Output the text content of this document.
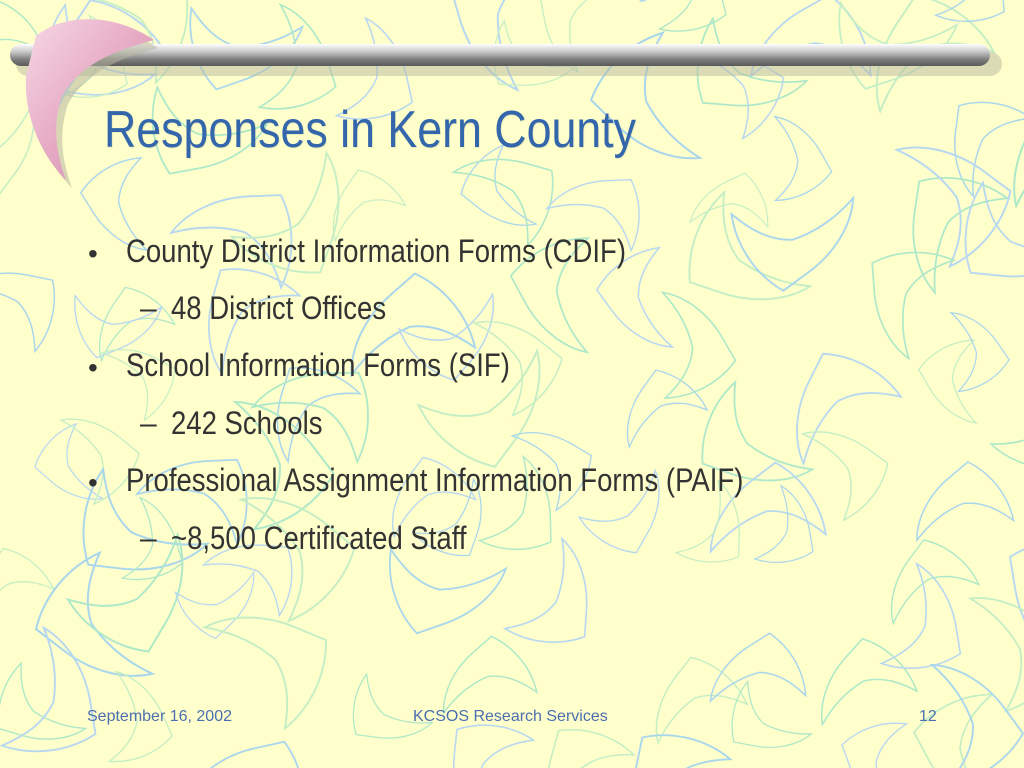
Responses in Kern County
• County District Information Forms (CDIF)
– 48 District Offices
• School Information Forms (SIF)
– 242 Schools
• Professional Assignment Information Forms (PAIF)
– ~8,500 Certificated Staff
September 16, 2002	KCSOS Research Services	12
